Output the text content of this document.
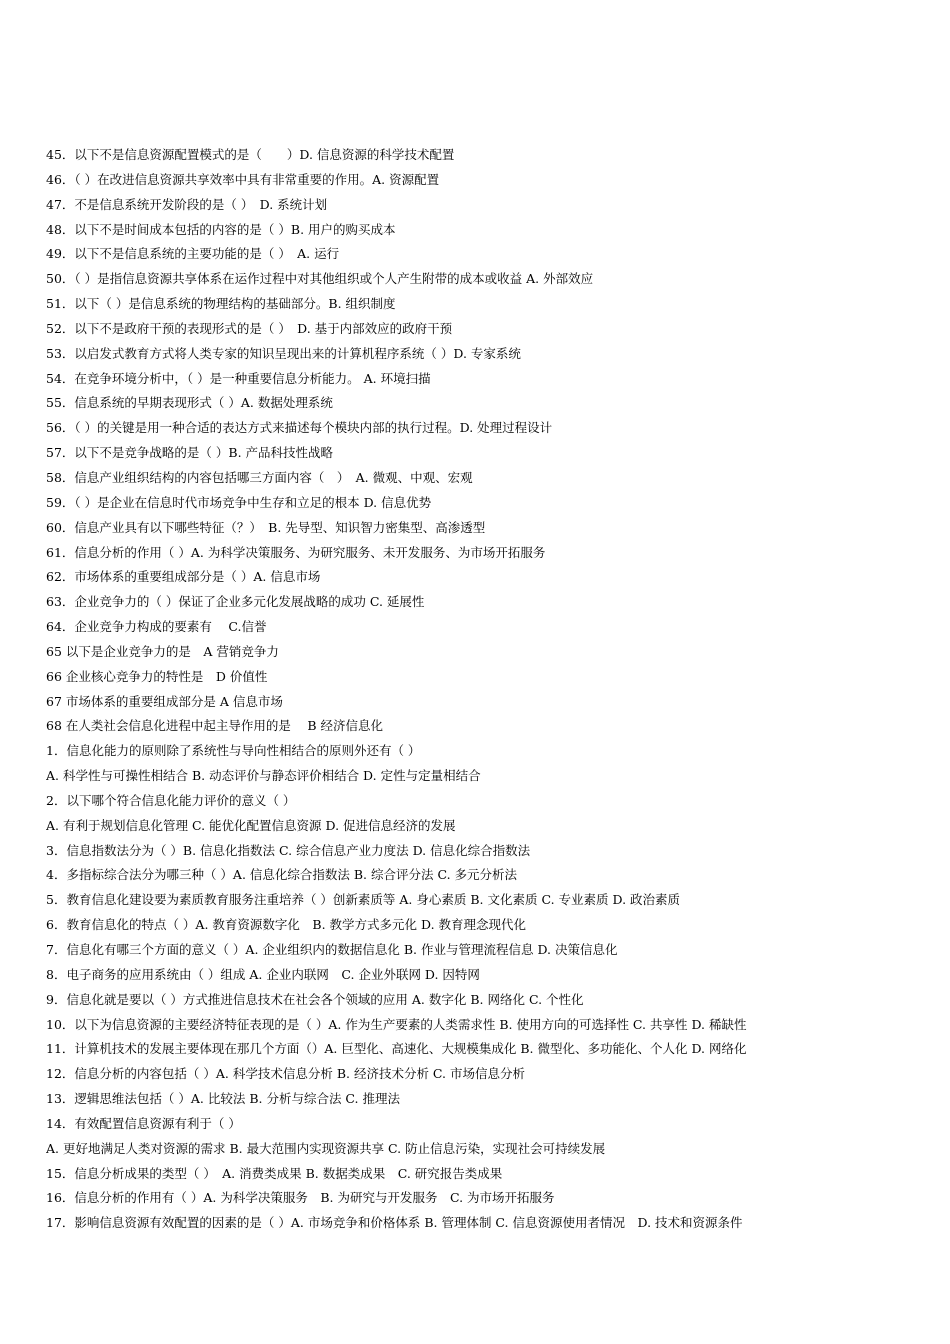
45．以下不是信息资源配置模式的是（　　）D. 信息资源的科学技术配置
46．（ ）在改进信息资源共享效率中具有非常重要的作用。A. 资源配置
47．不是信息系统开发阶段的是（ ）　D. 系统计划
48．以下不是时间成本包括的内容的是（ ）B. 用户的购买成本
49．以下不是信息系统的主要功能的是（ ）　A. 运行
50．（ ）是指信息资源共享体系在运作过程中对其他组织或个人产生附带的成本或收益 A. 外部效应
51．以下（ ）是信息系统的物理结构的基础部分。B. 组织制度
52．以下不是政府干预的表现形式的是（ ）　D. 基于内部效应的政府干预
53．以启发式教育方式将人类专家的知识呈现出来的计算机程序系统（ ）D. 专家系统
54．在竞争环境分析中，（ ）是一种重要信息分析能力。 A. 环境扫描
55．信息系统的早期表现形式（ ）A. 数据处理系统
56．（ ）的关键是用一种合适的表达方式来描述每个模块内部的执行过程。D. 处理过程设计
57．以下不是竞争战略的是（ ）B. 产品科技性战略
58．信息产业组织结构的内容包括哪三方面内容（　）　A. 微观、中观、宏观
59．（ ）是企业在信息时代市场竞争中生存和立足的根本 D. 信息优势
60．信息产业具有以下哪些特征（？）　B. 先导型、知识智力密集型、高渗透型
61．信息分析的作用（ ）A. 为科学决策服务、为研究服务、未开发服务、为市场开拓服务
62．市场体系的重要组成部分是（ ）A. 信息市场
63．企业竞争力的（ ）保证了企业多元化发展战略的成功 C. 延展性
64．企业竞争力构成的要素有　 C.信誉
65 以下是企业竞争力的是　A 营销竞争力
66 企业核心竞争力的特性是　D 价值性
67 市场体系的重要组成部分是 A 信息市场
68 在人类社会信息化进程中起主导作用的是　 B 经济信息化
1．信息化能力的原则除了系统性与导向性相结合的原则外还有（ ）
A. 科学性与可操性相结合 B. 动态评价与静态评价相结合 D. 定性与定量相结合
2．以下哪个符合信息化能力评价的意义（ ）
A. 有利于规划信息化管理 C. 能优化配置信息资源 D. 促进信息经济的发展
3．信息指数法分为（ ）B. 信息化指数法 C. 综合信息产业力度法 D. 信息化综合指数法
4．多指标综合法分为哪三种（ ）A. 信息化综合指数法 B. 综合评分法 C. 多元分析法
5．教育信息化建设要为素质教育服务注重培养（ ）创新素质等 A. 身心素质 B. 文化素质 C. 专业素质 D. 政治素质
6．教育信息化的特点（ ）A. 教育资源数字化　B. 教学方式多元化 D. 教育理念现代化
7．信息化有哪三个方面的意义（ ）A. 企业组织内的数据信息化 B. 作业与管理流程信息 D. 决策信息化
8．电子商务的应用系统由（ ）组成 A. 企业内联网　C. 企业外联网 D. 因特网
9．信息化就是要以（ ）方式推进信息技术在社会各个领域的应用 A. 数字化 B. 网络化 C. 个性化
10．以下为信息资源的主要经济特征表现的是（ ）A. 作为生产要素的人类需求性 B. 使用方向的可选择性 C. 共享性 D. 稀缺性
11．计算机技术的发展主要体现在那几个方面（）A. 巨型化、高速化、大规模集成化 B. 微型化、多功能化、个人化 D. 网络化
12．信息分析的内容包括（ ）A. 科学技术信息分析 B. 经济技术分析 C. 市场信息分析
13．逻辑思维法包括（ ）A. 比较法 B. 分析与综合法 C. 推理法
14．有效配置信息资源有利于（ ）
A. 更好地满足人类对资源的需求 B. 最大范围内实现资源共享 C. 防止信息污染，实现社会可持续发展
15．信息分析成果的类型（ ）　A. 消费类成果 B. 数据类成果　C. 研究报告类成果
16．信息分析的作用有（ ）A. 为科学决策服务　B. 为研究与开发服务　C. 为市场开拓服务
17．影响信息资源有效配置的因素的是（ ）A. 市场竞争和价格体系 B. 管理体制 C. 信息资源使用者情况　D. 技术和资源条件
